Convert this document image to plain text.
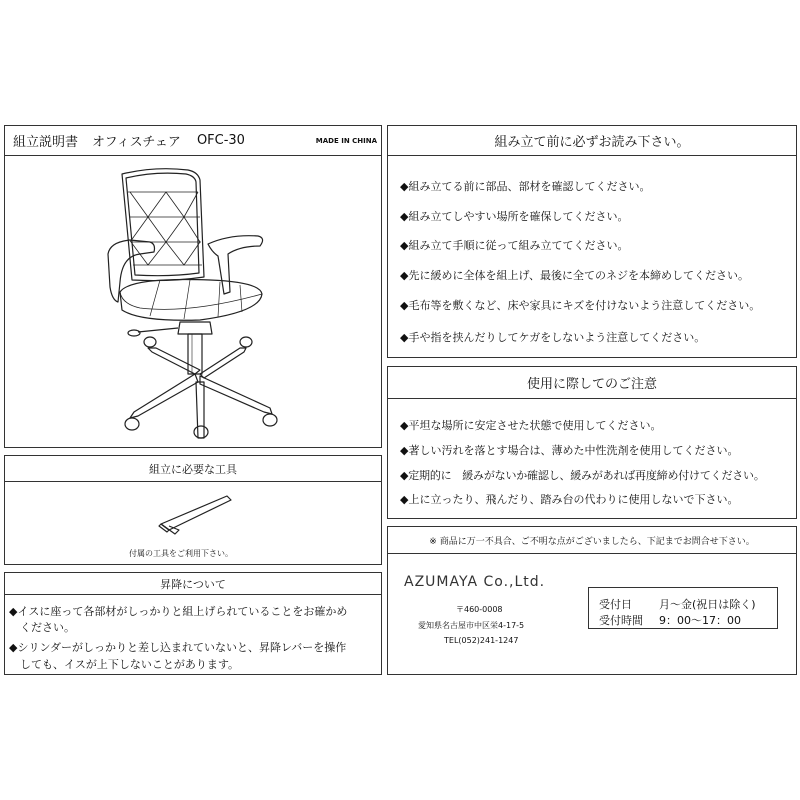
組立説明書 オフィスチェア OFC-30	MADE IN CHINA	組み立て前に必ずお読み下さい。
◆組み立てる前に部品、部材を確認してください。
◆組み立てしやすい場所を確保してください。
◆組み立て手順に従って組み立ててください。
◆先に緩めに全体を組上げ、最後に全てのネジを本締めしてください。
◆毛布等を敷くなど、床や家具にキズを付けないよう注意してください。
◆手や指を挟んだりしてケガをしないよう注意してください。
使用に際してのご注意
◆平坦な場所に安定させた状態で使用してください。
◆著しい汚れを落とす場合は、薄めた中性洗剤を使用してください。
◆定期的に　緩みがないか確認し、緩みがあれば再度締め付けてください。
◆上に立ったり、飛んだり、踏み台の代わりに使用しないで下さい。
組立に必要な工具
付属の工具をご利用下さい。
昇降について
◆イスに座って各部材がしっかりと組上げられていることをお確かめ
　ください。
◆シリンダーがしっかりと差し込まれていないと、昇降レバーを操作
　しても、イスが上下しないことがあります。
※ 商品に万一不具合、ご不明な点がございましたら、下記までお問合せ下さい。
AZUMAYA Co.,Ltd.
〒460-0008
愛知県名古屋市中区栄4-17-5
TEL(052)241-1247
受付日 月〜金(祝日は除く)
受付時間 9：00〜17：00
